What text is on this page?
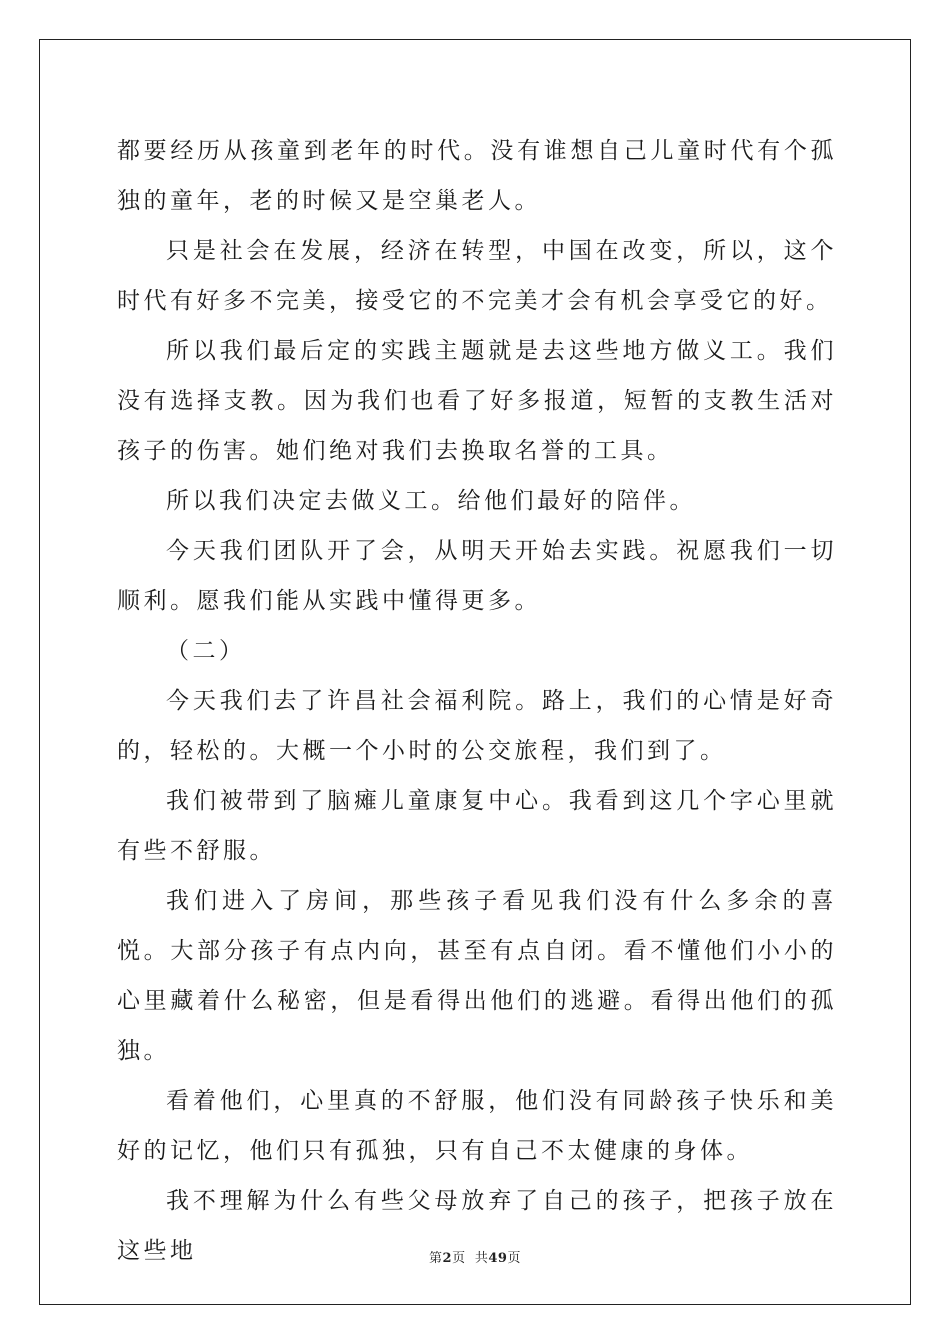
都要经历从孩童到老年的时代。没有谁想自己儿童时代有个孤独的童年，老的时候又是空巢老人。

只是社会在发展，经济在转型，中国在改变，所以，这个时代有好多不完美，接受它的不完美才会有机会享受它的好。

所以我们最后定的实践主题就是去这些地方做义工。我们没有选择支教。因为我们也看了好多报道，短暂的支教生活对孩子的伤害。她们绝对我们去换取名誉的工具。

所以我们决定去做义工。给他们最好的陪伴。

今天我们团队开了会，从明天开始去实践。祝愿我们一切顺利。愿我们能从实践中懂得更多。

（二）

今天我们去了许昌社会福利院。路上，我们的心情是好奇的，轻松的。大概一个小时的公交旅程，我们到了。

我们被带到了脑瘫儿童康复中心。我看到这几个字心里就有些不舒服。

我们进入了房间，那些孩子看见我们没有什么多余的喜悦。大部分孩子有点内向，甚至有点自闭。看不懂他们小小的心里藏着什么秘密，但是看得出他们的逃避。看得出他们的孤独。

看着他们，心里真的不舒服，他们没有同龄孩子快乐和美好的记忆，他们只有孤独，只有自己不太健康的身体。

我不理解为什么有些父母放弃了自己的孩子，把孩子放在这些地	第2页  共49页
